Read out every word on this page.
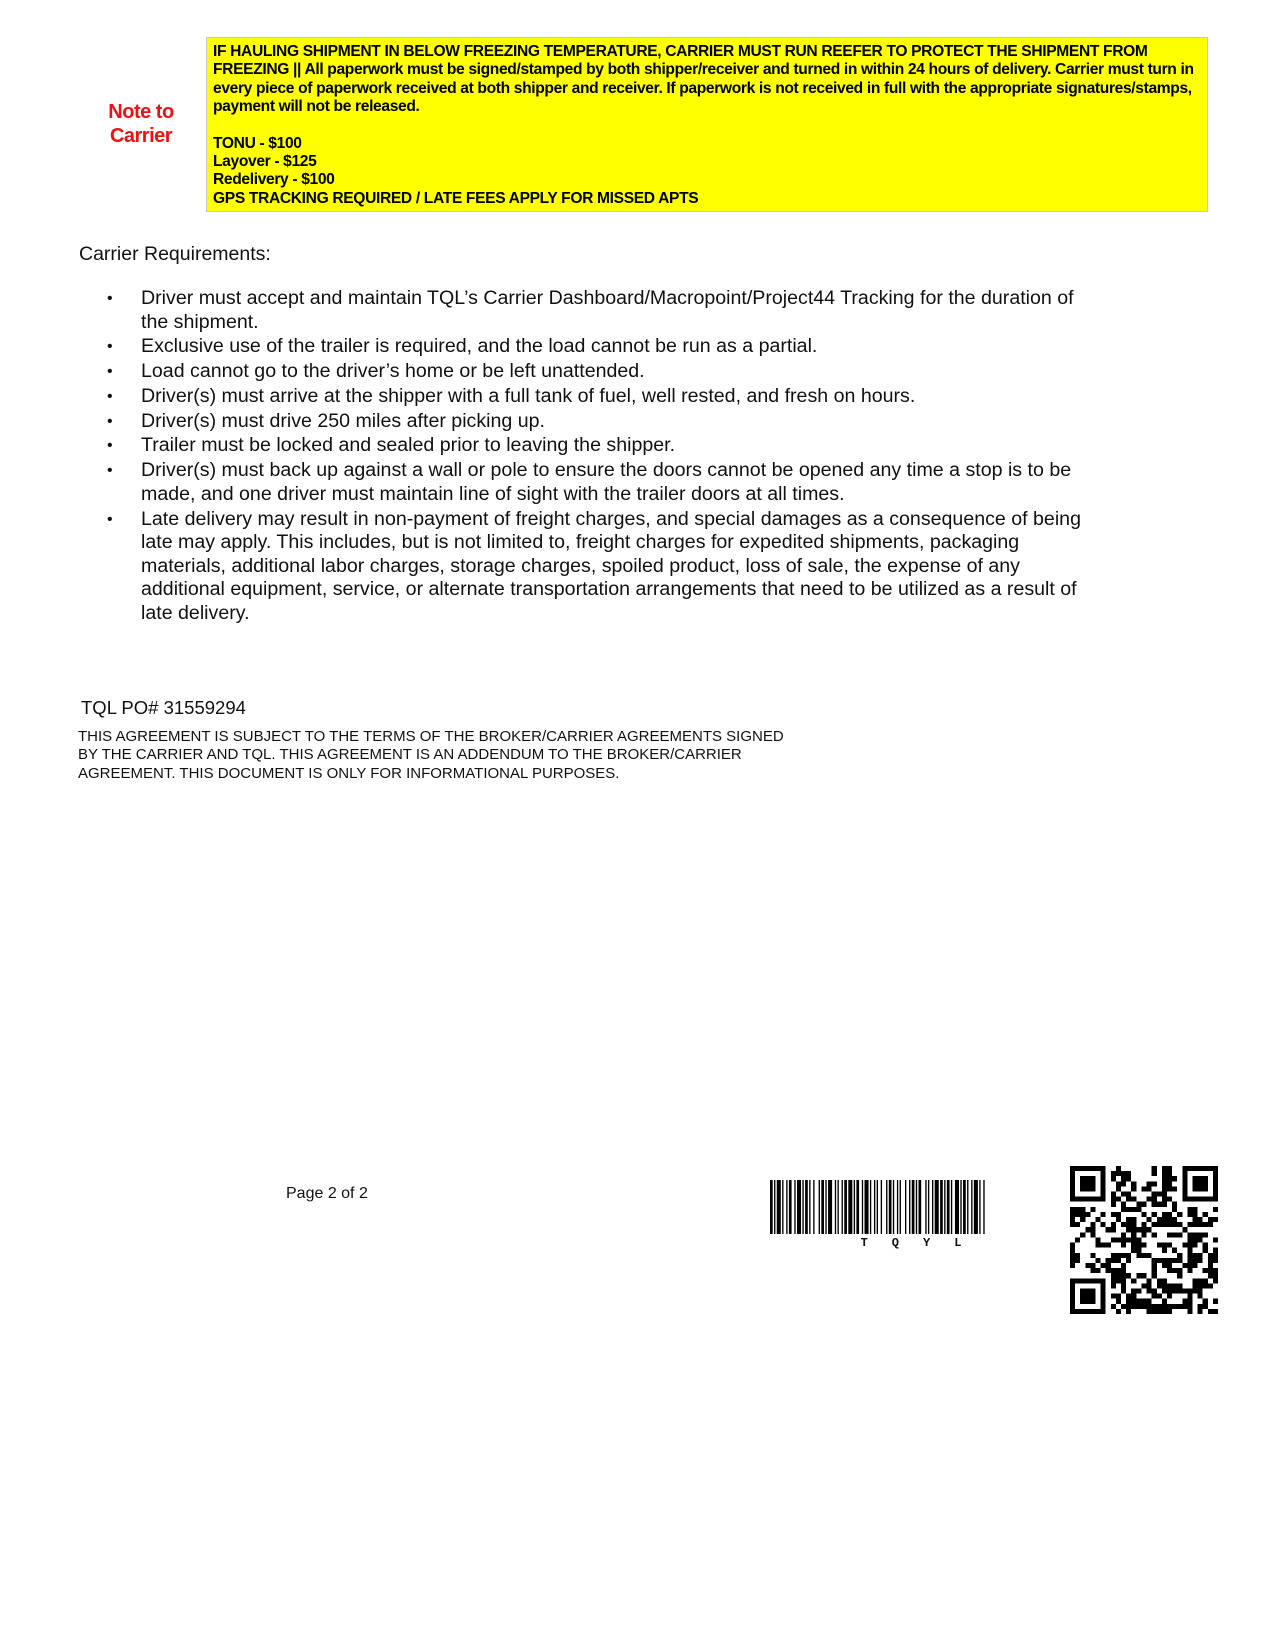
Note to
Carrier

IF HAULING SHIPMENT IN BELOW FREEZING TEMPERATURE, CARRIER MUST RUN REEFER TO PROTECT THE SHIPMENT FROM FREEZING || All paperwork must be signed/stamped by both shipper/receiver and turned in within 24 hours of delivery. Carrier must turn in every piece of paperwork received at both shipper and receiver. If paperwork is not received in full with the appropriate signatures/stamps, payment will not be released.

TONU - $100

Layover - $125

Redelivery - $100

GPS TRACKING REQUIRED / LATE FEES APPLY FOR MISSED APTS

Carrier Requirements:
• Driver must accept and maintain TQL’s Carrier Dashboard/Macropoint/Project44 Tracking for the duration of the shipment.
• Exclusive use of the trailer is required, and the load cannot be run as a partial.
• Load cannot go to the driver’s home or be left unattended.
• Driver(s) must arrive at the shipper with a full tank of fuel, well rested, and fresh on hours.
• Driver(s) must drive 250 miles after picking up.
• Trailer must be locked and sealed prior to leaving the shipper.
• Driver(s) must back up against a wall or pole to ensure the doors cannot be opened any time a stop is to be made, and one driver must maintain line of sight with the trailer doors at all times.
• Late delivery may result in non-payment of freight charges, and special damages as a consequence of being late may apply. This includes, but is not limited to, freight charges for expedited shipments, packaging materials, additional labor charges, storage charges, spoiled product, loss of sale, the expense of any additional equipment, service, or alternate transportation arrangements that need to be utilized as a result of late delivery.
TQL PO# 31559294

THIS AGREEMENT IS SUBJECT TO THE TERMS OF THE BROKER/CARRIER AGREEMENTS SIGNED BY THE CARRIER AND TQL. THIS AGREEMENT IS AN ADDENDUM TO THE BROKER/CARRIER AGREEMENT. THIS DOCUMENT IS ONLY FOR INFORMATIONAL PURPOSES.

Page 2 of 2
TQYL
